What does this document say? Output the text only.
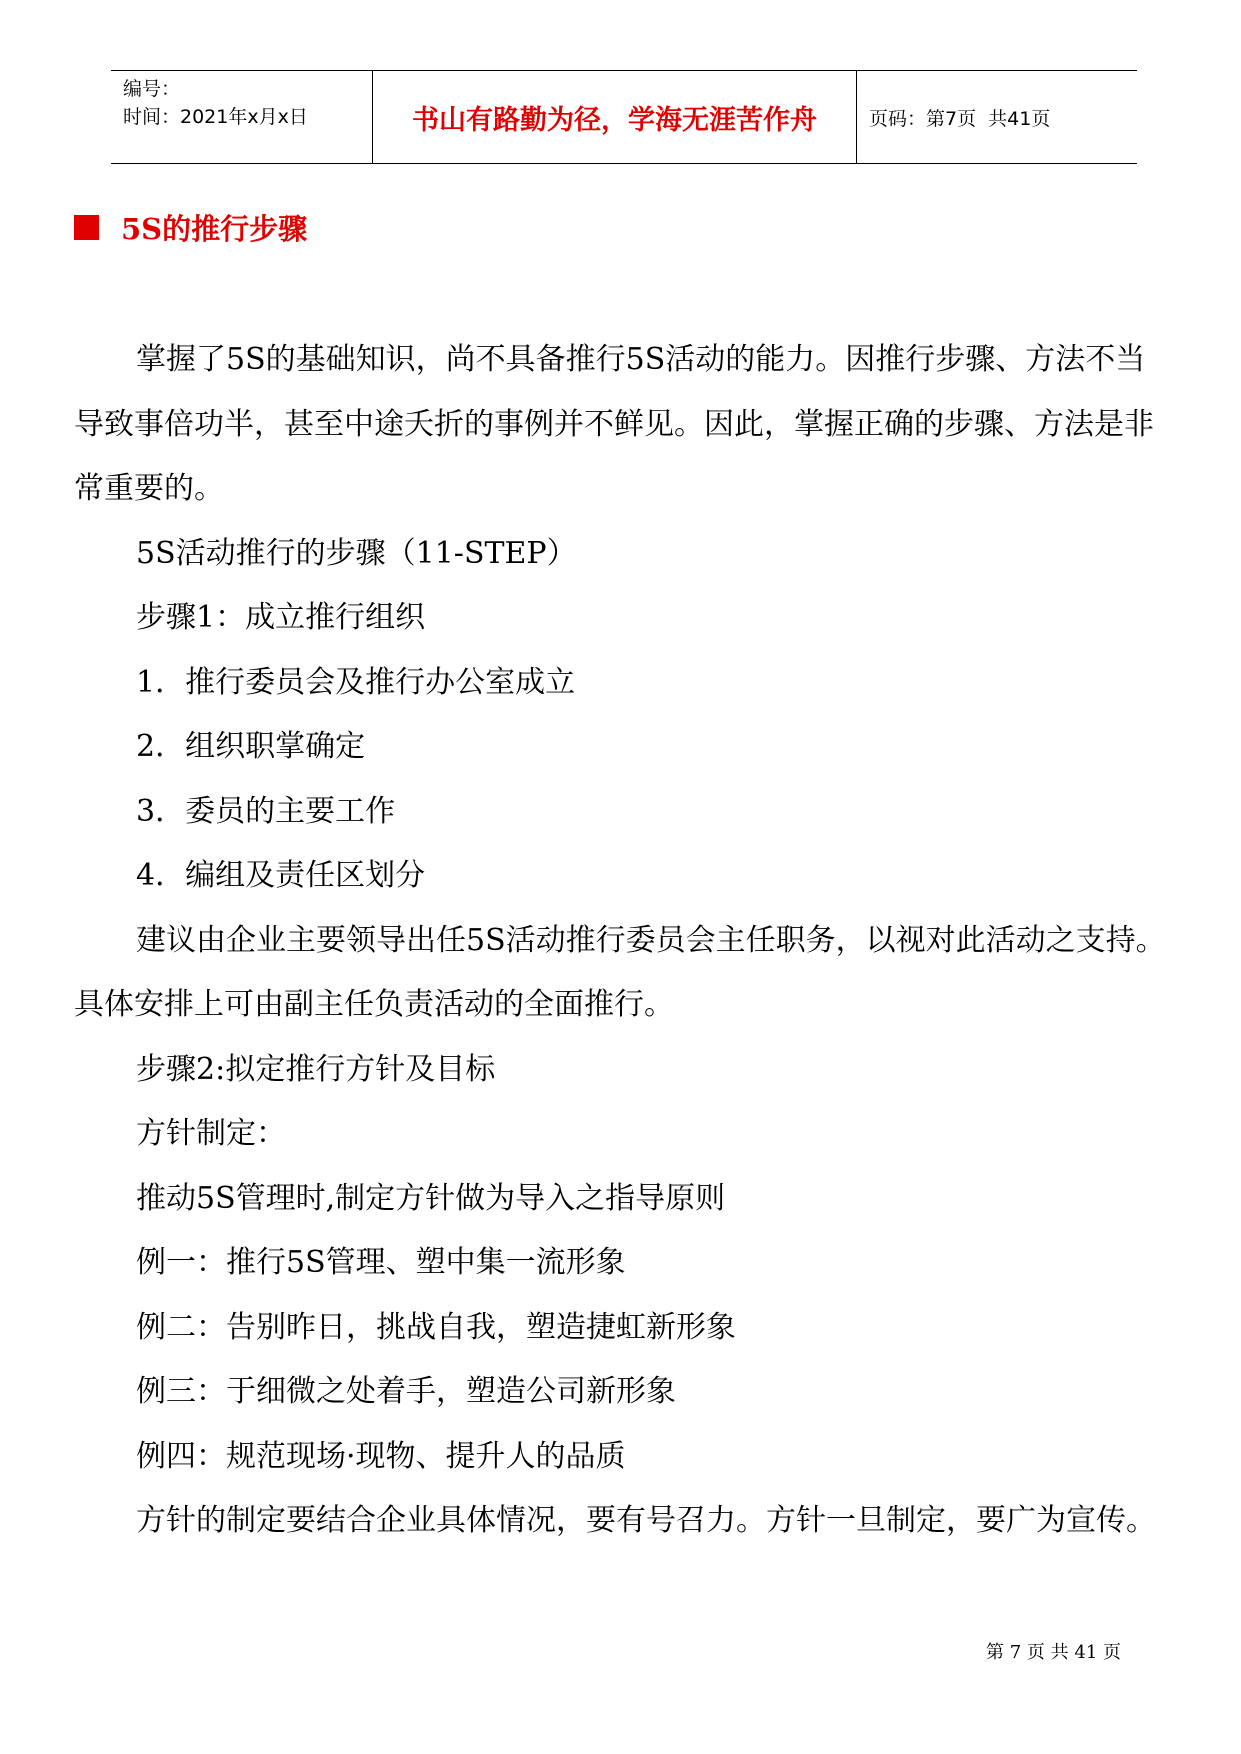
编号：
时间：2021年x月x日	书山有路勤为径，学海无涯苦作舟	页码：第7页  共41页
5S的推行步骤

掌握了5S的基础知识，尚不具备推行5S活动的能力。因推行步骤、方法不当导致事倍功半，甚至中途夭折的事例并不鲜见。因此，掌握正确的步骤、方法是非常重要的。

5S活动推行的步骤（11-STEP）

步骤1：成立推行组织

1．推行委员会及推行办公室成立

2．组织职掌确定

3．委员的主要工作

4．编组及责任区划分

建议由企业主要领导出任5S活动推行委员会主任职务，以视对此活动之支持。具体安排上可由副主任负责活动的全面推行。

步骤2:拟定推行方针及目标

方针制定：

推动5S管理时,制定方针做为导入之指导原则

例一：推行5S管理、塑中集一流形象

例二：告别昨日，挑战自我，塑造捷虹新形象

例三：于细微之处着手，塑造公司新形象

例四：规范现场·现物、提升人的品质

方针的制定要结合企业具体情况，要有号召力。方针一旦制定，要广为宣传。

第 7 页 共 41 页
